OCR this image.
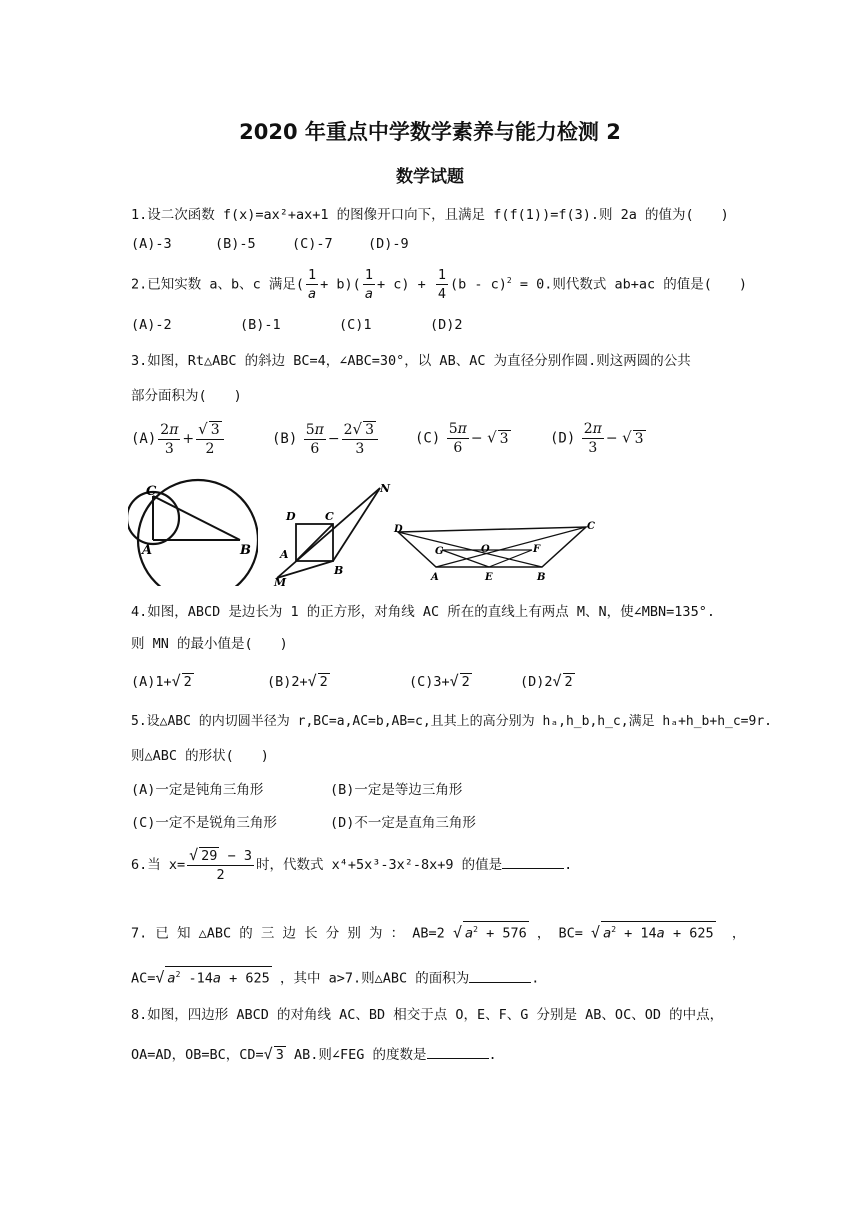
2020 年重点中学数学素养与能力检测 2
数学试题
1.设二次函数 f(x)=ax²+ax+1 的图像开口向下，且满足 f(f(1))=f(3).则 2a 的值为(　　)
(A)-3	(B)-5	(C)-7	(D)-9
2.已知实数 a、b、c 满足( $\frac{1}{a} + b)( \frac{1}{a} + c) + \frac{1}{4} (b - c)^2 = 0$.则代数式 ab+ac 的值是(　　)
(A)-2	(B)-1	(C)1	(D)2
3.如图，Rt△ABC 的斜边 BC=4，∠ABC=30°，以 AB、AC 为直径分别作圆.则这两圆的公共
部分面积为(　　)
$(A) \frac{2\pi}{3} + \frac{√ 3}{2}$	$(B) \frac{5\pi}{6} - \frac{2√ 3}{3}$	$(C) \frac{5\pi}{6}$ − √ 3	$(D) \frac{2\pi}{3}$ − √ 3
C
A	B
D	C
N
A
B
M
D	C
G	O	F
A	E	B
4.如图，ABCD 是边长为 1 的正方形，对角线 AC 所在的直线上有两点 M、N，使∠MBN=135°.
则 MN 的最小值是(　　)
(A)1+√ 2	(B)2+√ 2	(C)3+√ 2	(D)2√ 2
5.设△ABC 的内切圆半径为 r,BC=a,AC=b,AB=c,且其上的高分别为 hₐ,h_b,h_c,满足 hₐ+h_b+h_c=9r.
则△ABC 的形状(　　)
(A)一定是钝角三角形	(B)一定是等边三角形
(C)一定不是锐角三角形	(D)不一定是直角三角形
6.当 $x= \frac{√ 29 - 3}{2}$ 时，代数式 x⁴+5x³-3x²-8x+9 的值是	.
7. 已 知 △ABC 的 三 边 长 分 别 为 ： AB=2 √ $a^2 + 576$ ， BC= √ $a^2 + 14a + 625$  ，
AC=√ $a^2$ -14a + 625 ，其中 a>7.则△ABC 的面积为	.
8.如图，四边形 ABCD 的对角线 AC、BD 相交于点 O，E、F、G 分别是 AB、OC、OD 的中点，
OA=AD，OB=BC，CD=√ 3 AB.则∠FEG 的度数是	.
